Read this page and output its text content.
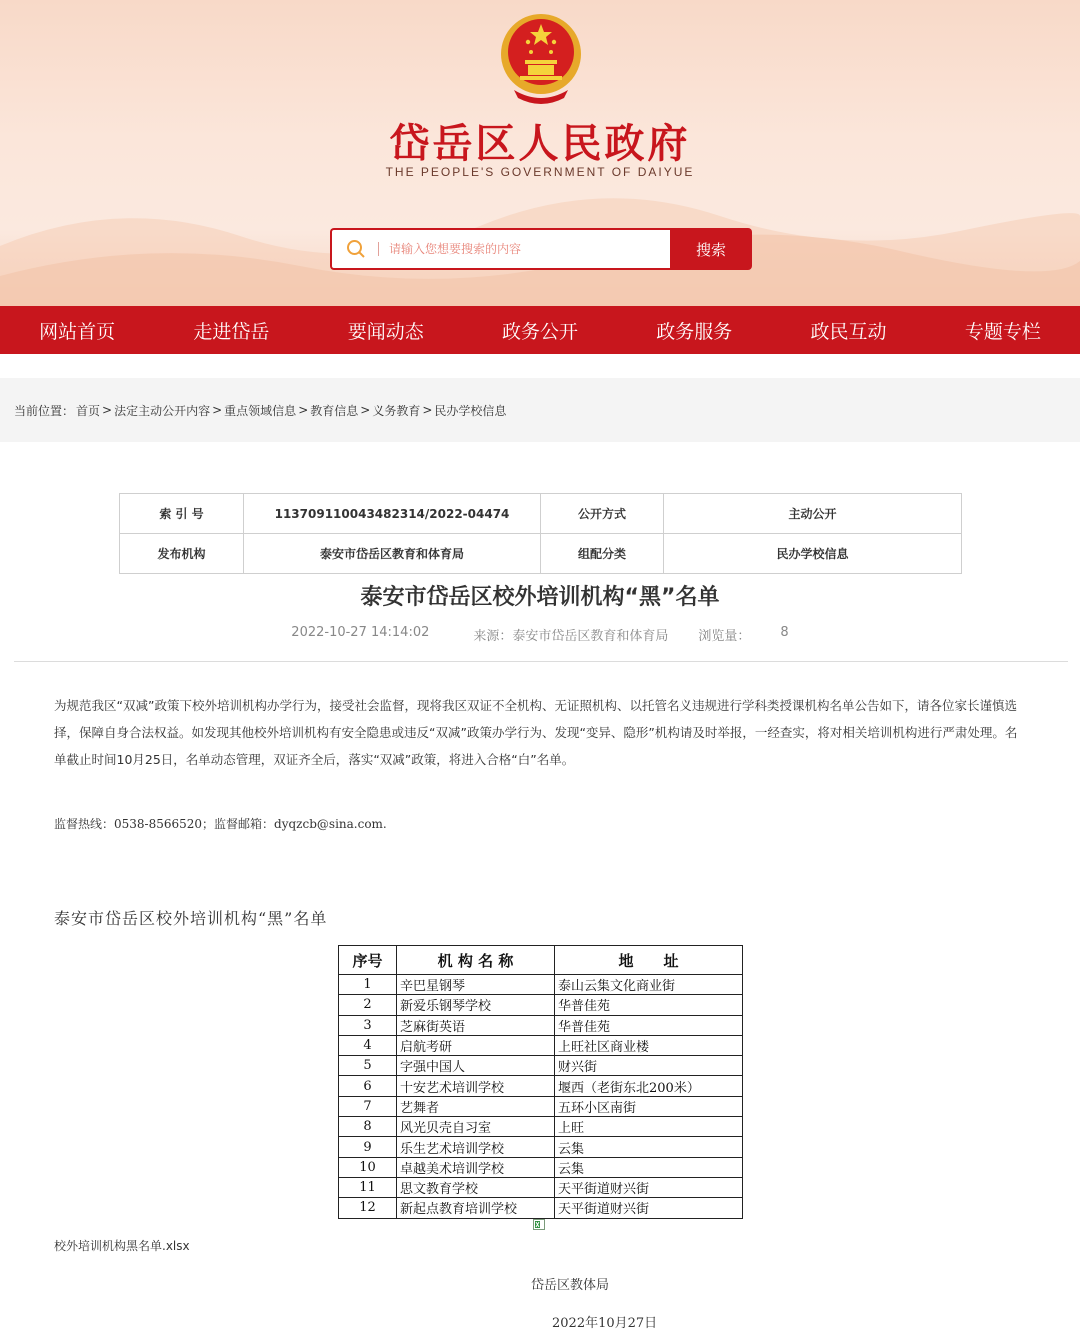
岱岳区人民政府
THE PEOPLE'S GOVERNMENT OF DAIYUE
请输入您想要搜索的内容
搜索
网站首页	走进岱岳	要闻动态	政务公开	政务服务	政民互动	专题专栏
当前位置： 首页 > 法定主动公开内容 > 重点领域信息 > 教育信息 > 义务教育 > 民办学校信息
索 引 号	113709110043482314/2022-04474	公开方式	主动公开
发布机构	泰安市岱岳区教育和体育局	组配分类	民办学校信息
泰安市岱岳区校外培训机构“黑”名单
2022-10-27 14:14:02	来源： 泰安市岱岳区教育和体育局 浏览量： 8
为规范我区“双减”政策下校外培训机构办学行为，接受社会监督，现将我区双证不全机构、无证照机构、以托管名义违规进行学科类授课机构名单公告如下，请各位家长谨慎选择，保障自身合法权益。如发现其他校外培训机构有安全隐患或违反“双减”政策办学行为、发现“变异、隐形”机构请及时举报，一经查实，将对相关培训机构进行严肃处理。名单截止时间10月25日，名单动态管理，双证齐全后，落实“双减”政策，将进入合格“白”名单。
监督热线：0538-8566520；监督邮箱：dyqzcb@sina.com.
泰安市岱岳区校外培训机构“黑”名单
序号	机 构 名 称	地　　址
1	辛巴星钢琴	泰山云集文化商业街
2	新爱乐钢琴学校	华普佳苑
3	芝麻街英语	华普佳苑
4	启航考研	上旺社区商业楼
5	字强中国人	财兴街
6	十安艺术培训学校	堰西（老街东北200米）
7	艺舞者	五环小区南街
8	风光贝壳自习室	上旺
9	乐生艺术培训学校	云集
10	卓越美术培训学校	云集
11	思文教育学校	天平街道财兴街
12	新起点教育培训学校	天平街道财兴街
校外培训机构黑名单.xlsx
岱岳区教体局
2022年10月27日
